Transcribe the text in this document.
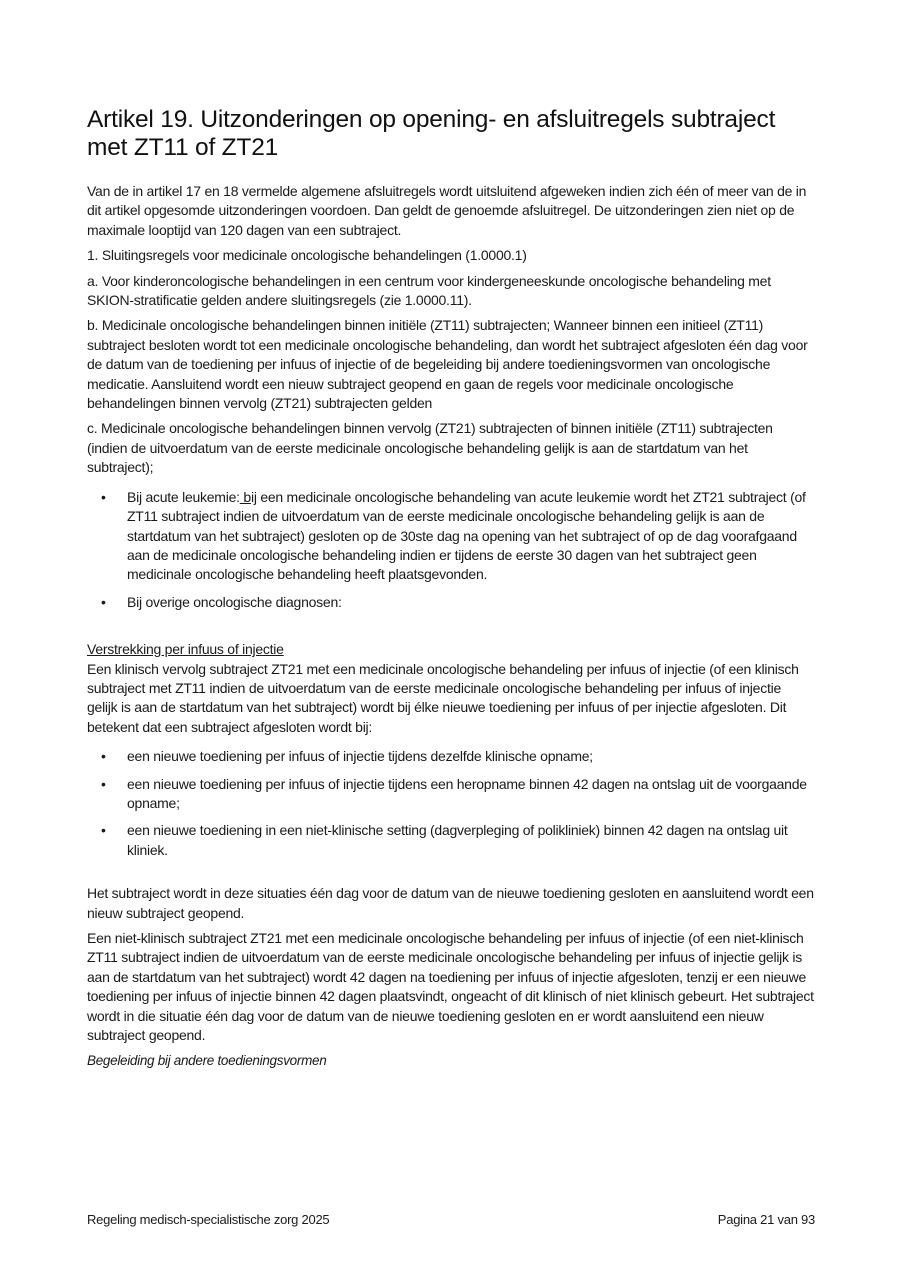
Artikel 19. Uitzonderingen op opening- en afsluitregels subtraject met ZT11 of ZT21

Van de in artikel 17 en 18 vermelde algemene afsluitregels wordt uitsluitend afgeweken indien zich één of meer van de in dit artikel opgesomde uitzonderingen voordoen. Dan geldt de genoemde afsluitregel. De uitzonderingen zien niet op de maximale looptijd van 120 dagen van een subtraject.

1. Sluitingsregels voor medicinale oncologische behandelingen (1.0000.1)

a. Voor kinderoncologische behandelingen in een centrum voor kindergeneeskunde oncologische behandeling met SKION-stratificatie gelden andere sluitingsregels (zie 1.0000.11).

b. Medicinale oncologische behandelingen binnen initiële (ZT11) subtrajecten; Wanneer binnen een initieel (ZT11) subtraject besloten wordt tot een medicinale oncologische behandeling, dan wordt het subtraject afgesloten één dag voor de datum van de toediening per infuus of injectie of de begeleiding bij andere toedieningsvormen van oncologische medicatie. Aansluitend wordt een nieuw subtraject geopend en gaan de regels voor medicinale oncologische behandelingen binnen vervolg (ZT21) subtrajecten gelden

c. Medicinale oncologische behandelingen binnen vervolg (ZT21) subtrajecten of binnen initiële (ZT11) subtrajecten (indien de uitvoerdatum van de eerste medicinale oncologische behandeling gelijk is aan de startdatum van het subtraject);

• Bij acute leukemie: bij een medicinale oncologische behandeling van acute leukemie wordt het ZT21 subtraject (of ZT11 subtraject indien de uitvoerdatum van de eerste medicinale oncologische behandeling gelijk is aan de startdatum van het subtraject) gesloten op de 30ste dag na opening van het subtraject of op de dag voorafgaand aan de medicinale oncologische behandeling indien er tijdens de eerste 30 dagen van het subtraject geen medicinale oncologische behandeling heeft plaatsgevonden.
• Bij overige oncologische diagnosen:
Verstrekking per infuus of injectie

Een klinisch vervolg subtraject ZT21 met een medicinale oncologische behandeling per infuus of injectie (of een klinisch subtraject met ZT11 indien de uitvoerdatum van de eerste medicinale oncologische behandeling per infuus of injectie gelijk is aan de startdatum van het subtraject) wordt bij élke nieuwe toediening per infuus of per injectie afgesloten. Dit betekent dat een subtraject afgesloten wordt bij:

• een nieuwe toediening per infuus of injectie tijdens dezelfde klinische opname;
• een nieuwe toediening per infuus of injectie tijdens een heropname binnen 42 dagen na ontslag uit de voorgaande opname;
• een nieuwe toediening in een niet-klinische setting (dagverpleging of polikliniek) binnen 42 dagen na ontslag uit kliniek.

Het subtraject wordt in deze situaties één dag voor de datum van de nieuwe toediening gesloten en aansluitend wordt een nieuw subtraject geopend.

Een niet-klinisch subtraject ZT21 met een medicinale oncologische behandeling per infuus of injectie (of een niet-klinisch ZT11 subtraject indien de uitvoerdatum van de eerste medicinale oncologische behandeling per infuus of injectie gelijk is aan de startdatum van het subtraject) wordt 42 dagen na toediening per infuus of injectie afgesloten, tenzij er een nieuwe toediening per infuus of injectie binnen 42 dagen plaatsvindt, ongeacht of dit klinisch of niet klinisch gebeurt. Het subtraject wordt in die situatie één dag voor de datum van de nieuwe toediening gesloten en er wordt aansluitend een nieuw subtraject geopend.

Begeleiding bij andere toedieningsvormen
Regeling medisch-specialistische zorg 2025	Pagina 21 van 93
